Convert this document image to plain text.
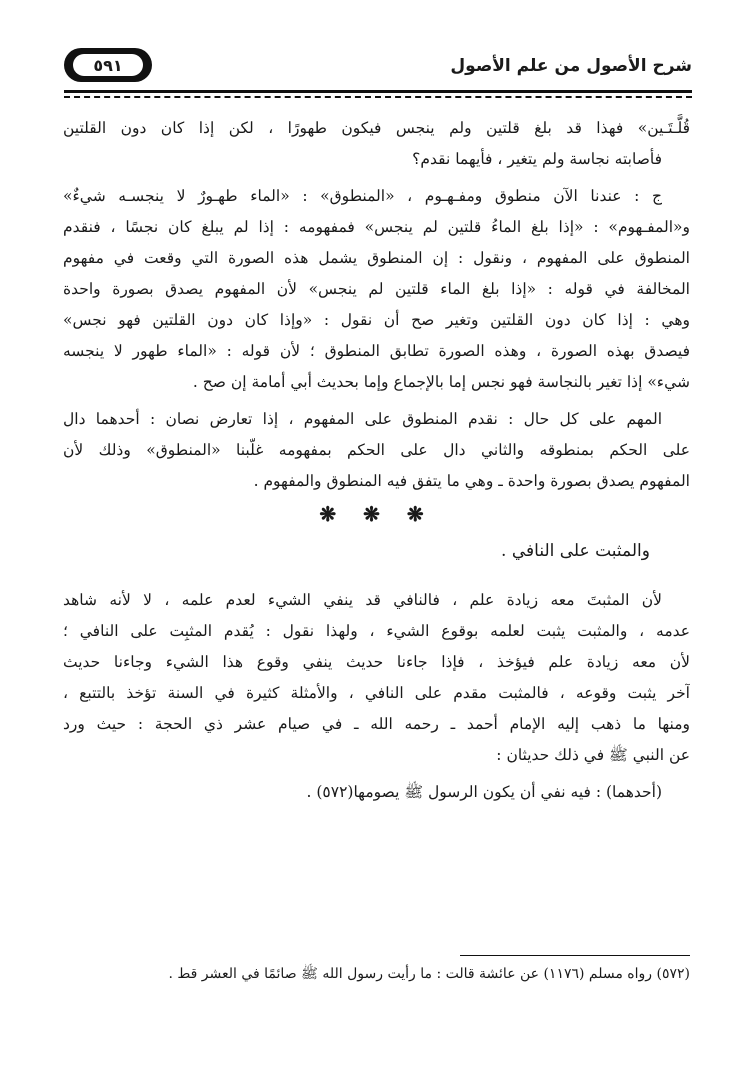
شرح الأصول من علم الأصول
٥٩١
قُلَّـتَـين» فهذا قد بلغ قلتين ولم ينجس فيكون طهورًا ، لكن إذا كان دون القلتين
فأصابته نجاسة ولم يتغير ، فأيهما نقدم؟
ج : عندنا الآن منطوق ومفـهـوم ، «المنطوق» : «الماء طهـورٌ لا ينجسـه شيءٌ»
و«المفـهوم» : «إذا بلغ الماءُ قلتين لم ينجس» فمفهومه : إذا لم يبلغ كان نجسًا ، فنقدم
المنطوق على المفهوم ، ونقول : إن المنطوق يشمل هذه الصورة التي وقعت في مفهوم
المخالفة في قوله : «إذا بلغ الماء قلتين لم ينجس» لأن المفهوم يصدق بصورة واحدة
وهي : إذا كان دون القلتين وتغير صح أن نقول : «وإذا كان دون القلتين فهو نجس»
فيصدق بهذه الصورة ، وهذه الصورة تطابق المنطوق ؛ لأن قوله : «الماء طهور لا ينجسه
شيء» إذا تغير بالنجاسة فهو نجس إما بالإجماع وإما بحديث أبي أمامة إن صح .
المهم على كل حال : نقدم المنطوق على المفهوم ، إذا تعارض نصان : أحدهما دال
على الحكم بمنطوقه والثاني دال على الحكم بمفهومه غلّبنا «المنطوق» وذلك لأن
المفهوم يصدق بصورة واحدة ـ وهي ما يتفق فيه المنطوق والمفهوم .
❋ ❋ ❋
والمثبت على النافي .
لأن المثبتَ معه زيادة علم ، فالنافي قد ينفي الشيء لعدم علمه ، لا لأنه شاهد
عدمه ، والمثبت يثبت لعلمه بوقوع الشيء ، ولهذا نقول : يُقدم المثبِت على النافي ؛
لأن معه زيادة علم فيؤخذ ، فإذا جاءنا حديث ينفي وقوع هذا الشيء وجاءنا حديث
آخر يثبت وقوعه ، فالمثبت مقدم على النافي ، والأمثلة كثيرة في السنة تؤخذ بالتتبع ،
ومنها ما ذهب إليه الإمام أحمد ـ رحمه الله ـ في صيام عشر ذي الحجة : حيث ورد
عن النبي ﷺ في ذلك حديثان :
(أحدهما) : فيه نفي أن يكون الرسول ﷺ يصومها(٥٧٢) .
(٥٧٢) رواه مسلم (١١٧٦) عن عائشة قالت : ما رأيت رسول الله ﷺ صائمًا في العشر قط .
